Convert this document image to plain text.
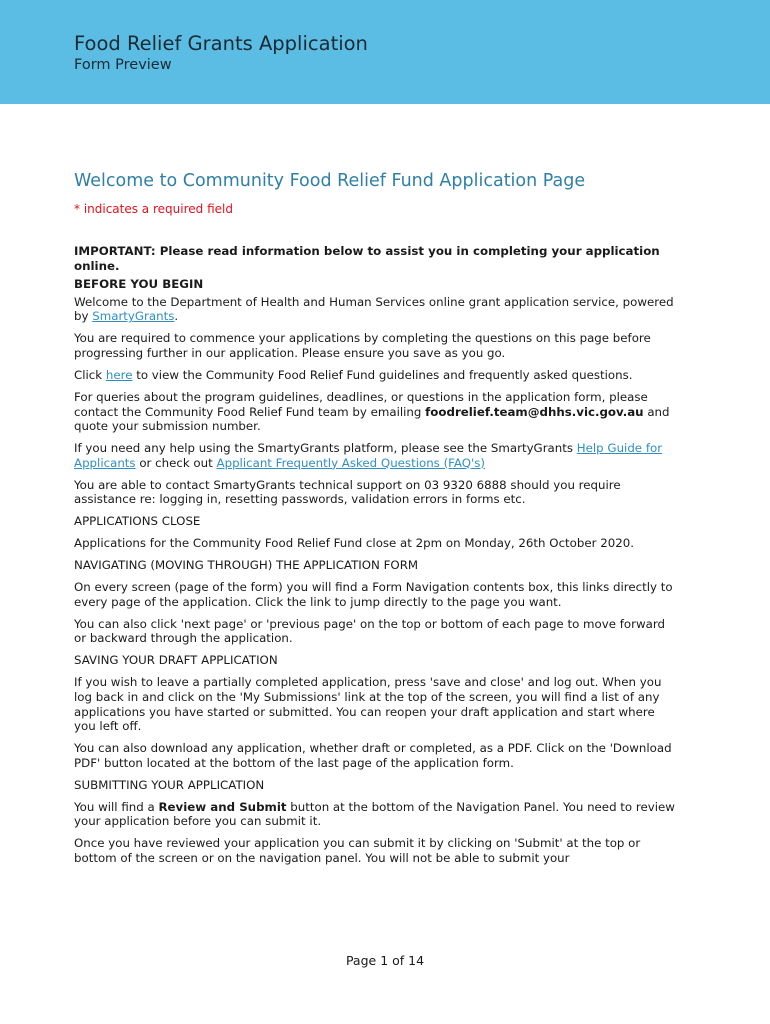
Food Relief Grants Application
Form Preview
Welcome to Community Food Relief Fund Application Page
* indicates a required field

IMPORTANT: Please read information below to assist you in completing your application online.

BEFORE YOU BEGIN

Welcome to the Department of Health and Human Services online grant application service, powered by SmartyGrants.

You are required to commence your applications by completing the questions on this page before progressing further in our application. Please ensure you save as you go.

Click here to view the Community Food Relief Fund guidelines and frequently asked questions.

For queries about the program guidelines, deadlines, or questions in the application form, please contact the Community Food Relief Fund team by emailing foodrelief.team@dhhs.vic.gov.au and quote your submission number.

If you need any help using the SmartyGrants platform, please see the SmartyGrants Help Guide for Applicants or check out Applicant Frequently Asked Questions (FAQ's)

You are able to contact SmartyGrants technical support on 03 9320 6888 should you require assistance re: logging in, resetting passwords, validation errors in forms etc.

APPLICATIONS CLOSE

Applications for the Community Food Relief Fund close at 2pm on Monday, 26th October 2020.

NAVIGATING (MOVING THROUGH) THE APPLICATION FORM

On every screen (page of the form) you will find a Form Navigation contents box, this links directly to every page of the application. Click the link to jump directly to the page you want.

You can also click 'next page' or 'previous page' on the top or bottom of each page to move forward or backward through the application.

SAVING YOUR DRAFT APPLICATION

If you wish to leave a partially completed application, press 'save and close' and log out. When you log back in and click on the 'My Submissions' link at the top of the screen, you will find a list of any applications you have started or submitted. You can reopen your draft application and start where you left off.

You can also download any application, whether draft or completed, as a PDF. Click on the 'Download PDF' button located at the bottom of the last page of the application form.

SUBMITTING YOUR APPLICATION

You will find a Review and Submit button at the bottom of the Navigation Panel. You need to review your application before you can submit it.

Once you have reviewed your application you can submit it by clicking on 'Submit' at the top or bottom of the screen or on the navigation panel. You will not be able to submit your

Page 1 of 14
